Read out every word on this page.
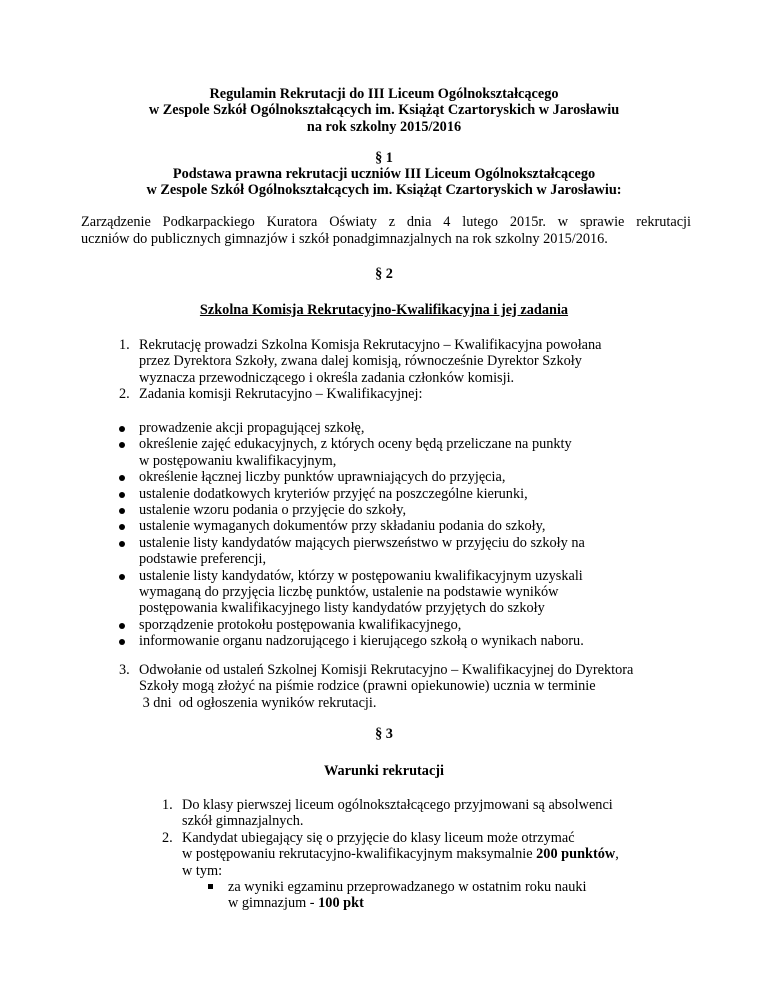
Regulamin Rekrutacji do III Liceum Ogólnokształcącego
w Zespole Szkół Ogólnokształcących im. Książąt Czartoryskich w Jarosławiu
na rok szkolny 2015/2016
§ 1
Podstawa prawna rekrutacji uczniów III Liceum Ogólnokształcącego
w Zespole Szkół Ogólnokształcących im. Książąt Czartoryskich w Jarosławiu:
Zarządzenie Podkarpackiego Kuratora Oświaty z dnia 4 lutego 2015r. w sprawie rekrutacji
uczniów do publicznych gimnazjów i szkół ponadgimnazjalnych na rok szkolny 2015/2016.
§ 2
Szkolna Komisja Rekrutacyjno-Kwalifikacyjna i jej zadania
1. Rekrutację prowadzi Szkolna Komisja Rekrutacyjno – Kwalifikacyjna powołana
przez Dyrektora Szkoły, zwana dalej komisją, równocześnie Dyrektor Szkoły
wyznacza przewodniczącego i określa zadania członków komisji.
2. Zadania komisji Rekrutacyjno – Kwalifikacyjnej:
prowadzenie akcji propagującej szkołę,
określenie zajęć edukacyjnych, z których oceny będą przeliczane na punkty
w postępowaniu kwalifikacyjnym,
określenie łącznej liczby punktów uprawniających do przyjęcia,
ustalenie dodatkowych kryteriów przyjęć na poszczególne kierunki,
ustalenie wzoru podania o przyjęcie do szkoły,
ustalenie wymaganych dokumentów przy składaniu podania do szkoły,
ustalenie listy kandydatów mających pierwszeństwo w przyjęciu do szkoły na
podstawie preferencji,
ustalenie listy kandydatów, którzy w postępowaniu kwalifikacyjnym uzyskali
wymaganą do przyjęcia liczbę punktów, ustalenie na podstawie wyników
postępowania kwalifikacyjnego listy kandydatów przyjętych do szkoły
sporządzenie protokołu postępowania kwalifikacyjnego,
informowanie organu nadzorującego i kierującego szkołą o wynikach naboru.
3. Odwołanie od ustaleń Szkolnej Komisji Rekrutacyjno – Kwalifikacyjnej do Dyrektora
Szkoły mogą złożyć na piśmie rodzice (prawni opiekunowie) ucznia w terminie
3 dni  od ogłoszenia wyników rekrutacji.
§ 3
Warunki rekrutacji
1. Do klasy pierwszej liceum ogólnokształcącego przyjmowani są absolwenci
szkół gimnazjalnych.
2. Kandydat ubiegający się o przyjęcie do klasy liceum może otrzymać
w postępowaniu rekrutacyjno-kwalifikacyjnym maksymalnie 200 punktów,
w tym:
za wyniki egzaminu przeprowadzanego w ostatnim roku nauki
w gimnazjum - 100 pkt
